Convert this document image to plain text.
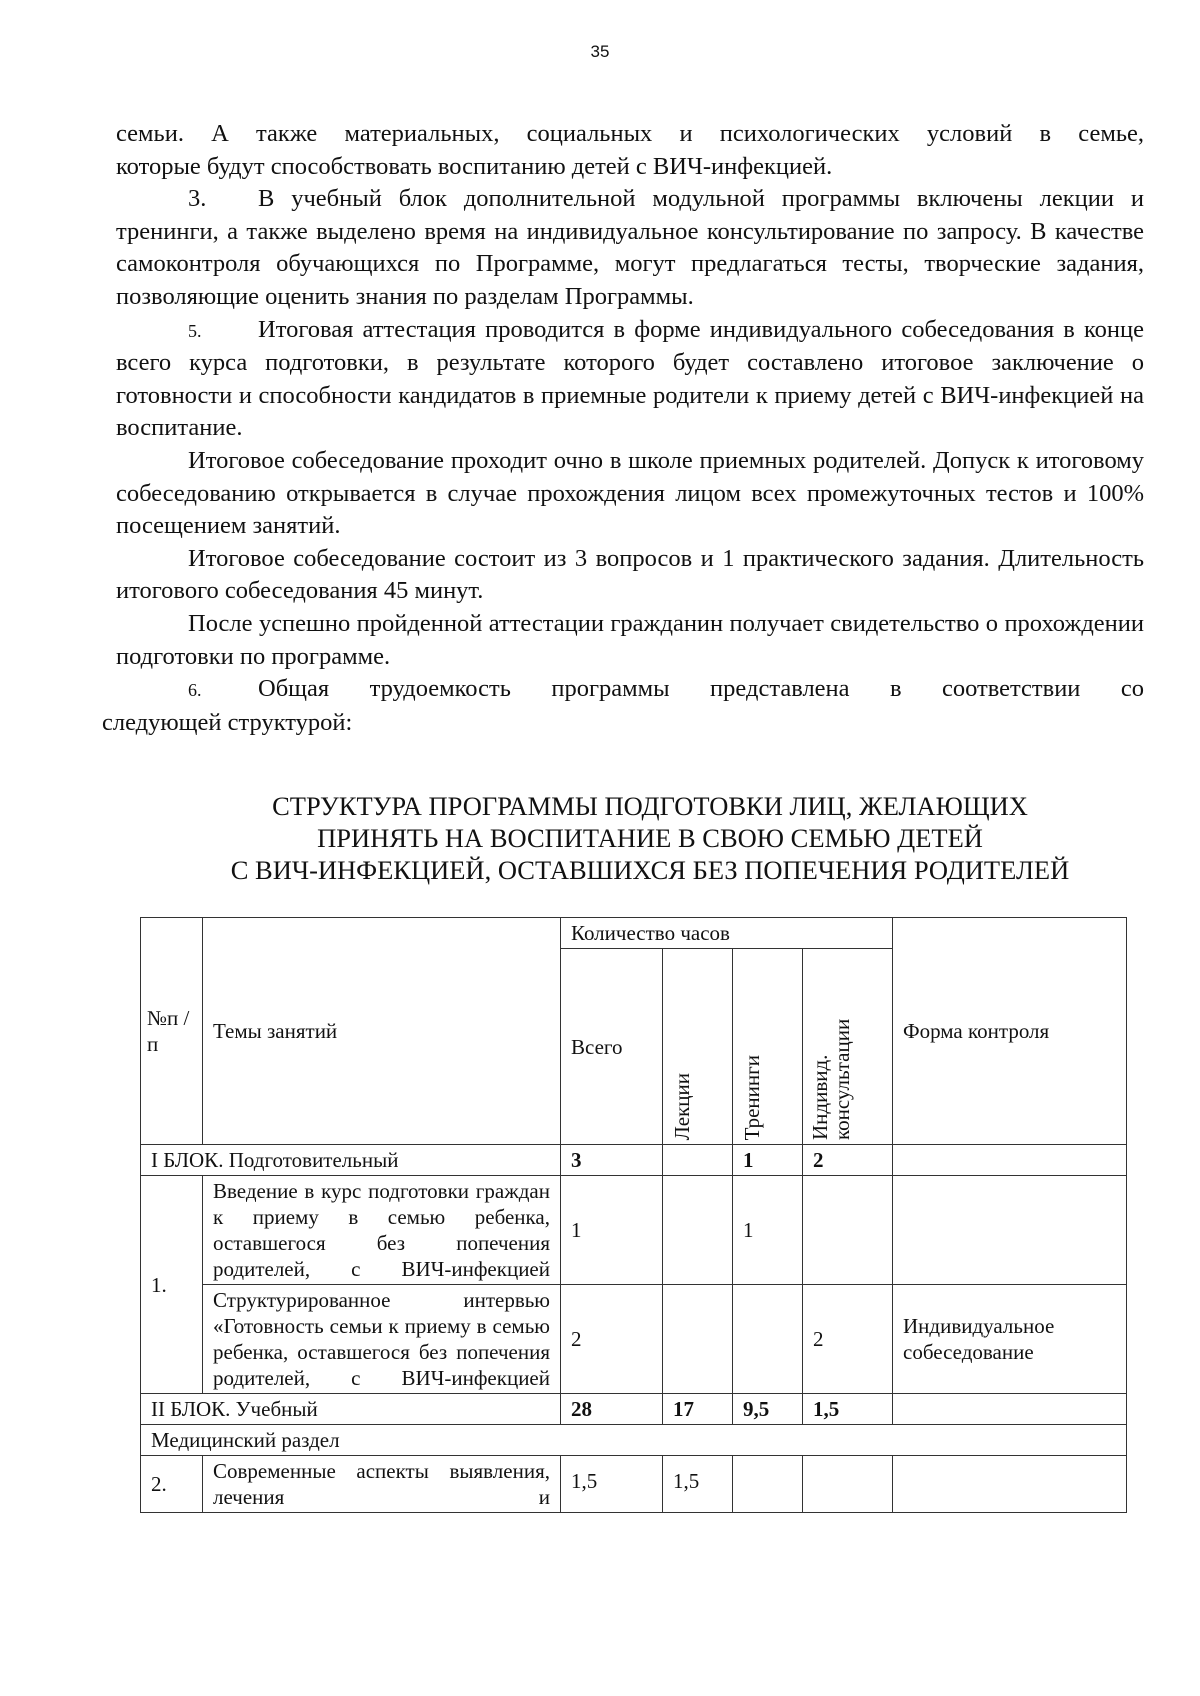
35

семьи. А также материальных, социальных и психологических условий в семье,

которые будут способствовать воспитанию детей с ВИЧ-инфекцией.

3. В учебный блок дополнительной модульной программы включены лекции и тренинги, а также выделено время на индивидуальное консультирование по запросу. В качестве самоконтроля обучающихся по Программе, могут предлагаться тесты, творческие задания, позволяющие оценить знания по разделам Программы.

5. Итоговая аттестация проводится в форме индивидуального собеседования в конце всего курса подготовки, в результате которого будет составлено итоговое заключение о готовности и способности кандидатов в приемные родители к приему детей с ВИЧ-инфекцией на воспитание.

Итоговое собеседование проходит очно в школе приемных родителей. Допуск к итоговому собеседованию открывается в случае прохождения лицом всех промежуточных тестов и 100% посещением занятий.

Итоговое собеседование состоит из 3 вопросов и 1 практического задания. Длительность итогового собеседования 45 минут.

После успешно пройденной аттестации гражданин получает свидетельство о прохождении подготовки по программе.

6. Общая трудоемкость программы представлена в соответствии со

следующей структурой:

СТРУКТУРА ПРОГРАММЫ ПОДГОТОВКИ ЛИЦ, ЖЕЛАЮЩИХ
ПРИНЯТЬ НА ВОСПИТАНИЕ В СВОЮ СЕМЬЮ ДЕТЕЙ
С ВИЧ-ИНФЕКЦИЕЙ, ОСТАВШИХСЯ БЕЗ ПОПЕЧЕНИЯ РОДИТЕЛЕЙ
№п /п	Темы занятий	Количество часов				Форма контроля
		Всего	Лекции	Тренинги	Индивид. консультации	

I БЛОК. Подготовительный		3		1	2	
1.	Введение в курс подготовки граждан к приему в семью ребенка, оставшегося без попечения родителей, с ВИЧ-инфекцией	1		1		
	Структурированное интервью «Готовность семьи к приему в семью ребенка, оставшегося без попечения родителей, с ВИЧ-инфекцией	2			2	Индивидуальное собеседование
II БЛОК. Учебный		28	17	9,5	1,5	
Медицинский раздел						
2.	Современные аспекты выявления, лечения и	1,5	1,5			
